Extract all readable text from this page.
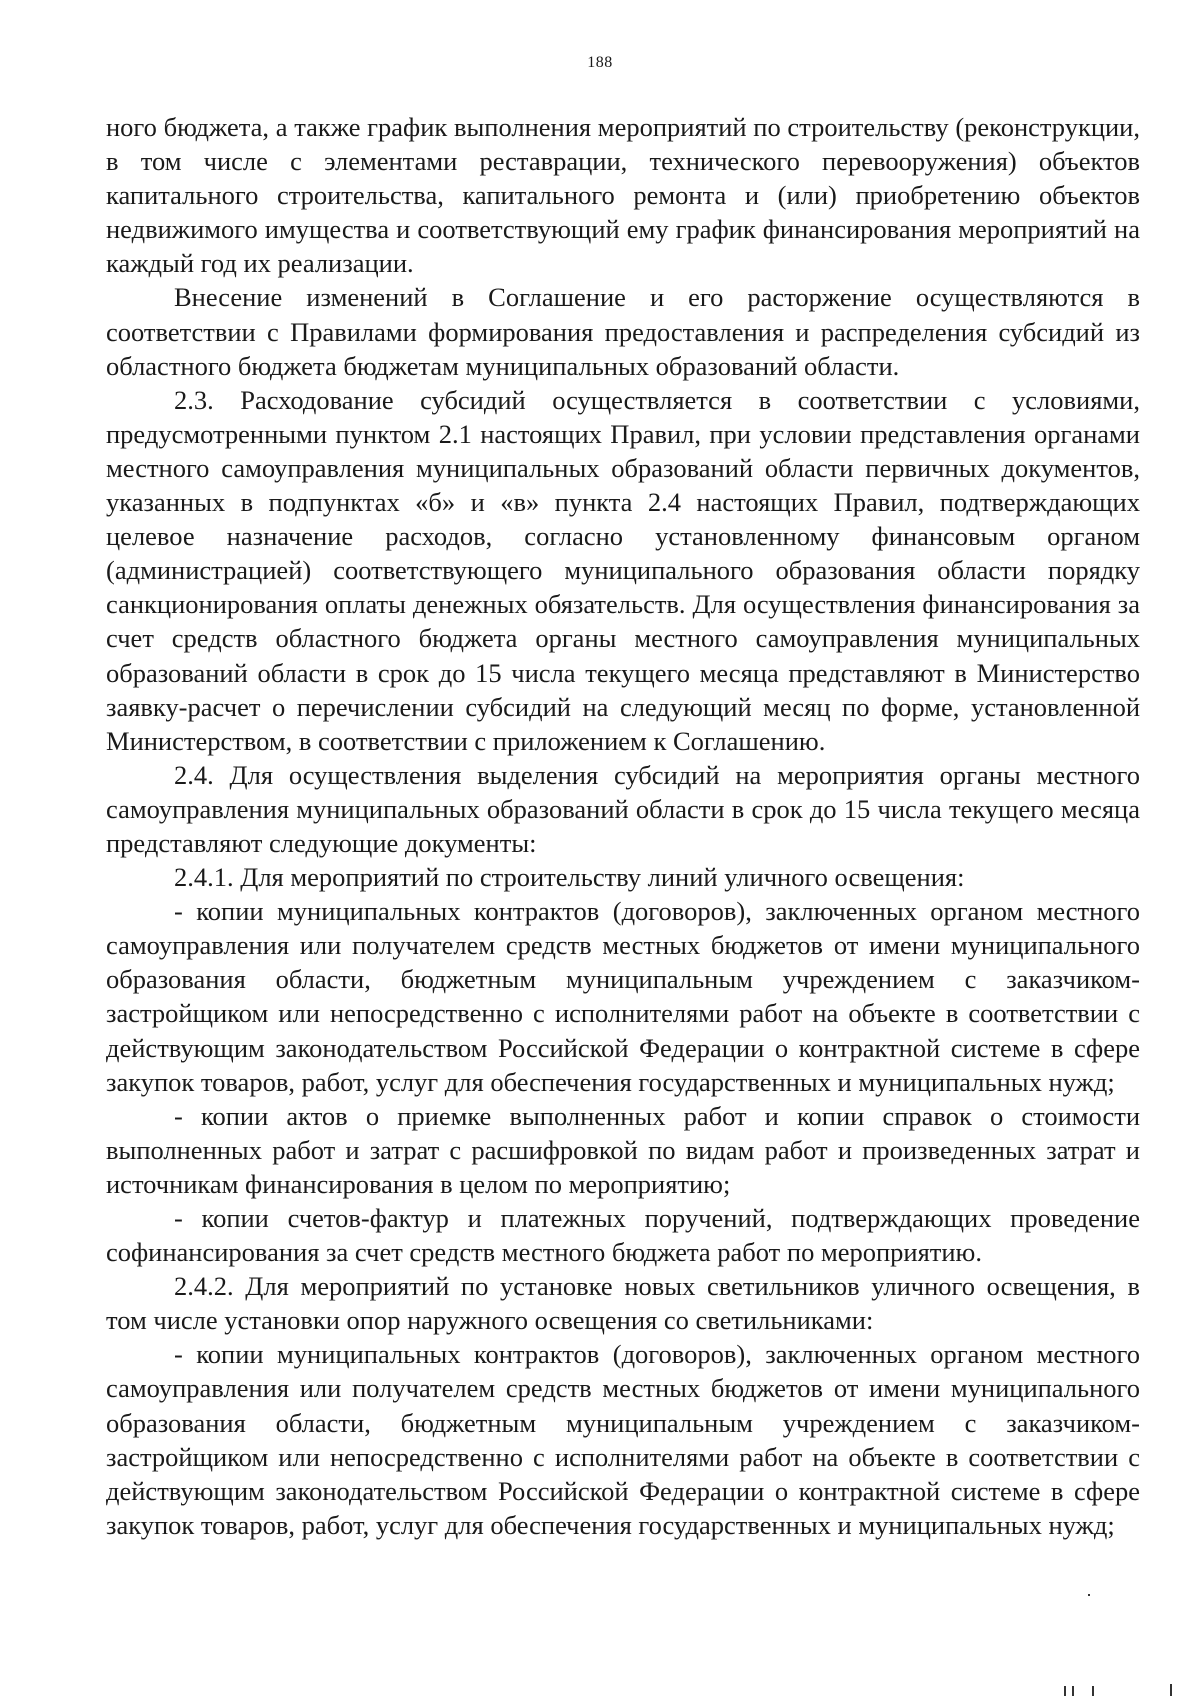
188

ного бюджета, а также график выполнения мероприятий по строительству (реконструкции, в том числе с элементами реставрации, технического перевооружения) объектов капитального строительства, капитального ремонта и (или) приобретению объектов недвижимого имущества и соответствующий ему график финансирования мероприятий на каждый год их реализации.

Внесение изменений в Соглашение и его расторжение осуществляются в соответствии с Правилами формирования предоставления и распределения субсидий из областного бюджета бюджетам муниципальных образований области.

2.3. Расходование субсидий осуществляется в соответствии с условиями, предусмотренными пунктом 2.1 настоящих Правил, при условии представления органами местного самоуправления муниципальных образований области первичных документов, указанных в подпунктах «б» и «в» пункта 2.4 настоящих Правил, подтверждающих целевое назначение расходов, согласно установленному финансовым органом (администрацией) соответствующего муниципального образования области порядку санкционирования оплаты денежных обязательств. Для осуществления финансирования за счет средств областного бюджета органы местного самоуправления муниципальных образований области в срок до 15 числа текущего месяца представляют в Министерство заявку-расчет о перечислении субсидий на следующий месяц по форме, установленной Министерством, в соответствии с приложением к Соглашению.

2.4. Для осуществления выделения субсидий на мероприятия органы местного самоуправления муниципальных образований области в срок до 15 числа текущего месяца представляют следующие документы:

2.4.1. Для мероприятий по строительству линий уличного освещения:

- копии муниципальных контрактов (договоров), заключенных органом местного самоуправления или получателем средств местных бюджетов от имени муниципального образования области, бюджетным муниципальным учреждением с заказчиком-застройщиком или непосредственно с исполнителями работ на объекте в соответствии с действующим законодательством Российской Федерации о контрактной системе в сфере закупок товаров, работ, услуг для обеспечения государственных и муниципальных нужд;

- копии актов о приемке выполненных работ и копии справок о стоимости выполненных работ и затрат с расшифровкой по видам работ и произведенных затрат и источникам финансирования в целом по мероприятию;

- копии счетов-фактур и платежных поручений, подтверждающих проведение софинансирования за счет средств местного бюджета работ по мероприятию.

2.4.2. Для мероприятий по установке новых светильников уличного освещения, в том числе установки опор наружного освещения со светильниками:

- копии муниципальных контрактов (договоров), заключенных органом местного самоуправления или получателем средств местных бюджетов от имени муниципального образования области, бюджетным муниципальным учреждением с заказчиком-застройщиком или непосредственно с исполнителями работ на объекте в соответствии с действующим законодательством Российской Федерации о контрактной системе в сфере закупок товаров, работ, услуг для обеспечения государственных и муниципальных нужд;
